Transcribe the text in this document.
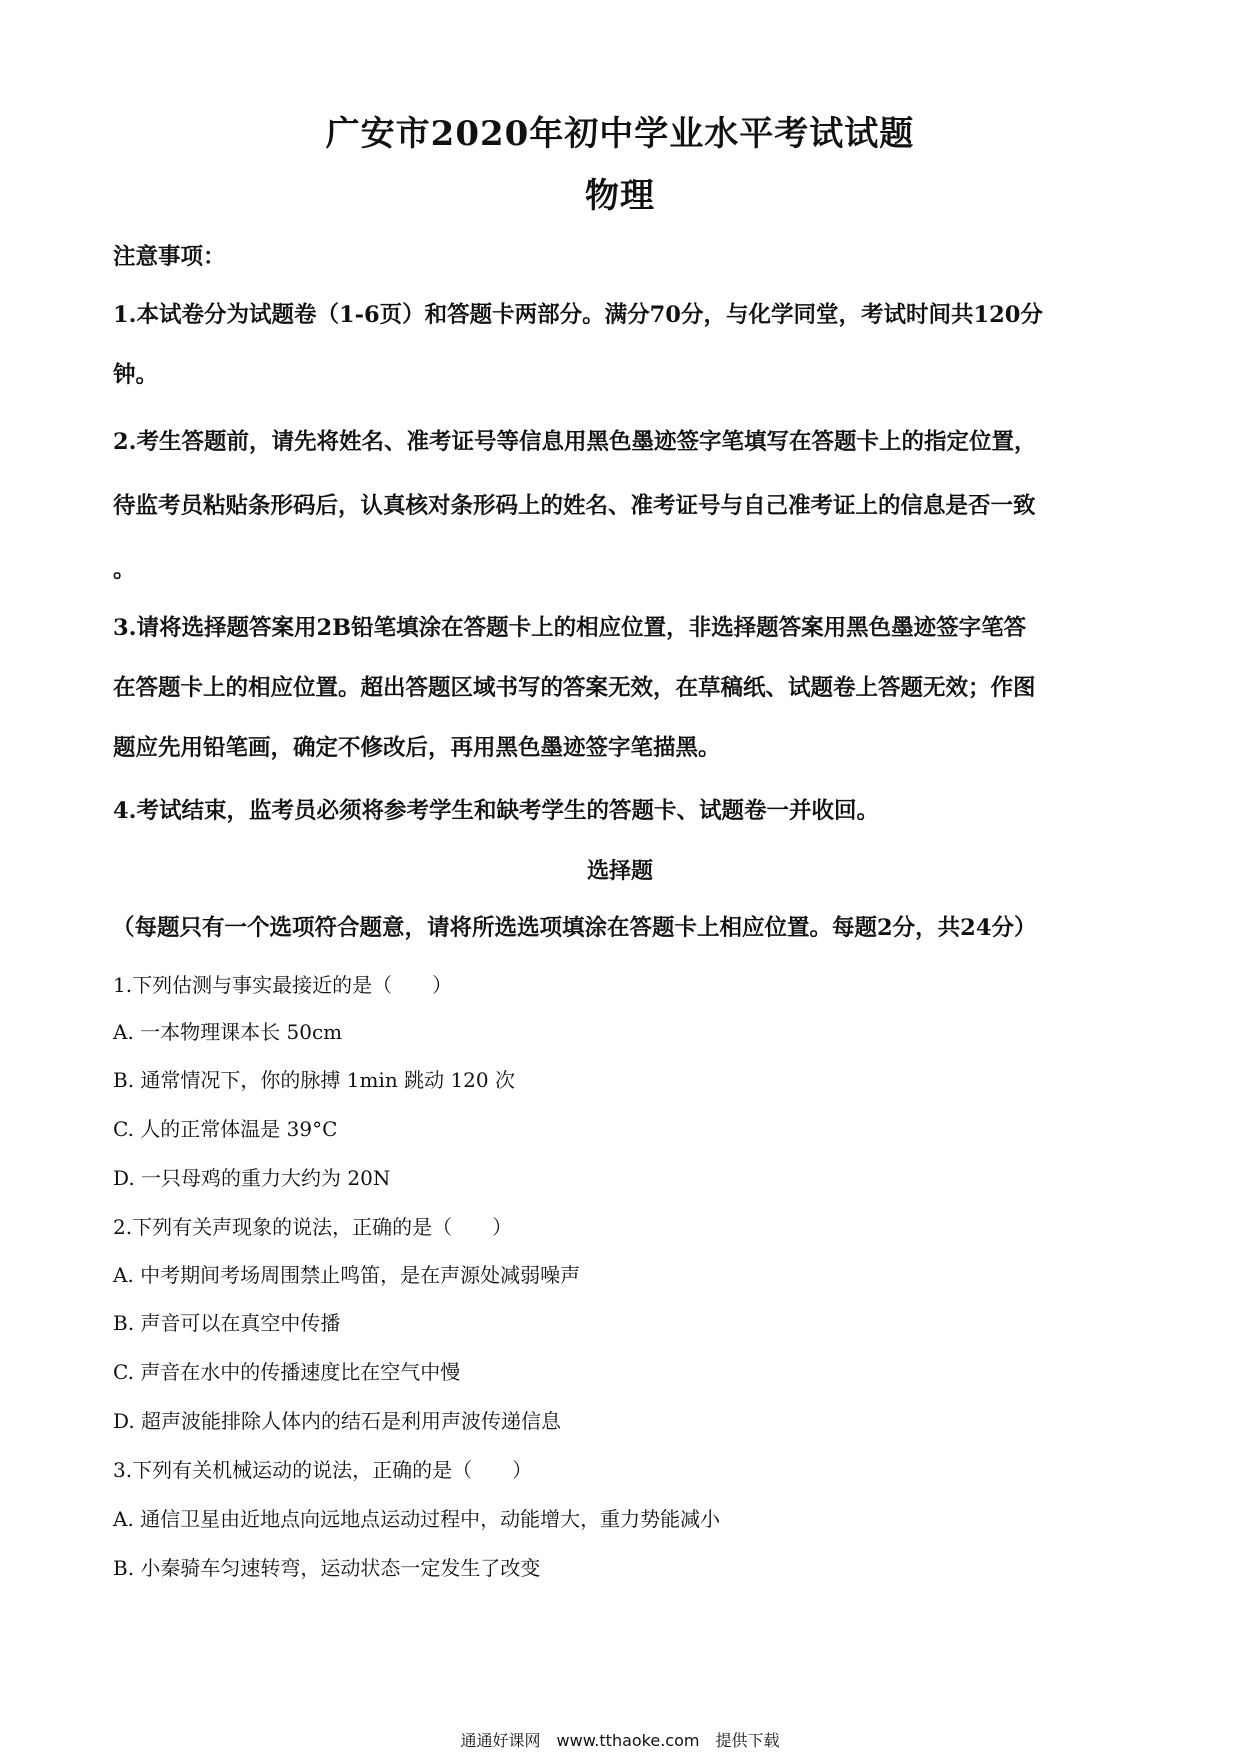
广安市2020年初中学业水平考试试题
物理
注意事项：
1.本试卷分为试题卷（1-6页）和答题卡两部分。满分70分，与化学同堂，考试时间共120分
钟。
2.考生答题前，请先将姓名、准考证号等信息用黑色墨迹签字笔填写在答题卡上的指定位置，
待监考员粘贴条形码后，认真核对条形码上的姓名、准考证号与自己准考证上的信息是否一致
。
3.请将选择题答案用2B铅笔填涂在答题卡上的相应位置，非选择题答案用黑色墨迹签字笔答
在答题卡上的相应位置。超出答题区域书写的答案无效，在草稿纸、试题卷上答题无效；作图
题应先用铅笔画，确定不修改后，再用黑色墨迹签字笔描黑。
4.考试结束，监考员必须将参考学生和缺考学生的答题卡、试题卷一并收回。
选择题
（每题只有一个选项符合题意，请将所选选项填涂在答题卡上相应位置。每题2分，共24分）
1.下列估测与事实最接近的是（　　）
A. 一本物理课本长 50cm
B. 通常情况下，你的脉搏 1min 跳动 120 次
C. 人的正常体温是 39°C
D. 一只母鸡的重力大约为 20N
2.下列有关声现象的说法，正确的是（　　）
A. 中考期间考场周围禁止鸣笛，是在声源处减弱噪声
B. 声音可以在真空中传播
C. 声音在水中的传播速度比在空气中慢
D. 超声波能排除人体内的结石是利用声波传递信息
3.下列有关机械运动的说法，正确的是（　　）
A. 通信卫星由近地点向远地点运动过程中，动能增大，重力势能减小
B. 小秦骑车匀速转弯，运动状态一定发生了改变
通通好课网　www.tthaoke.com　提供下载
